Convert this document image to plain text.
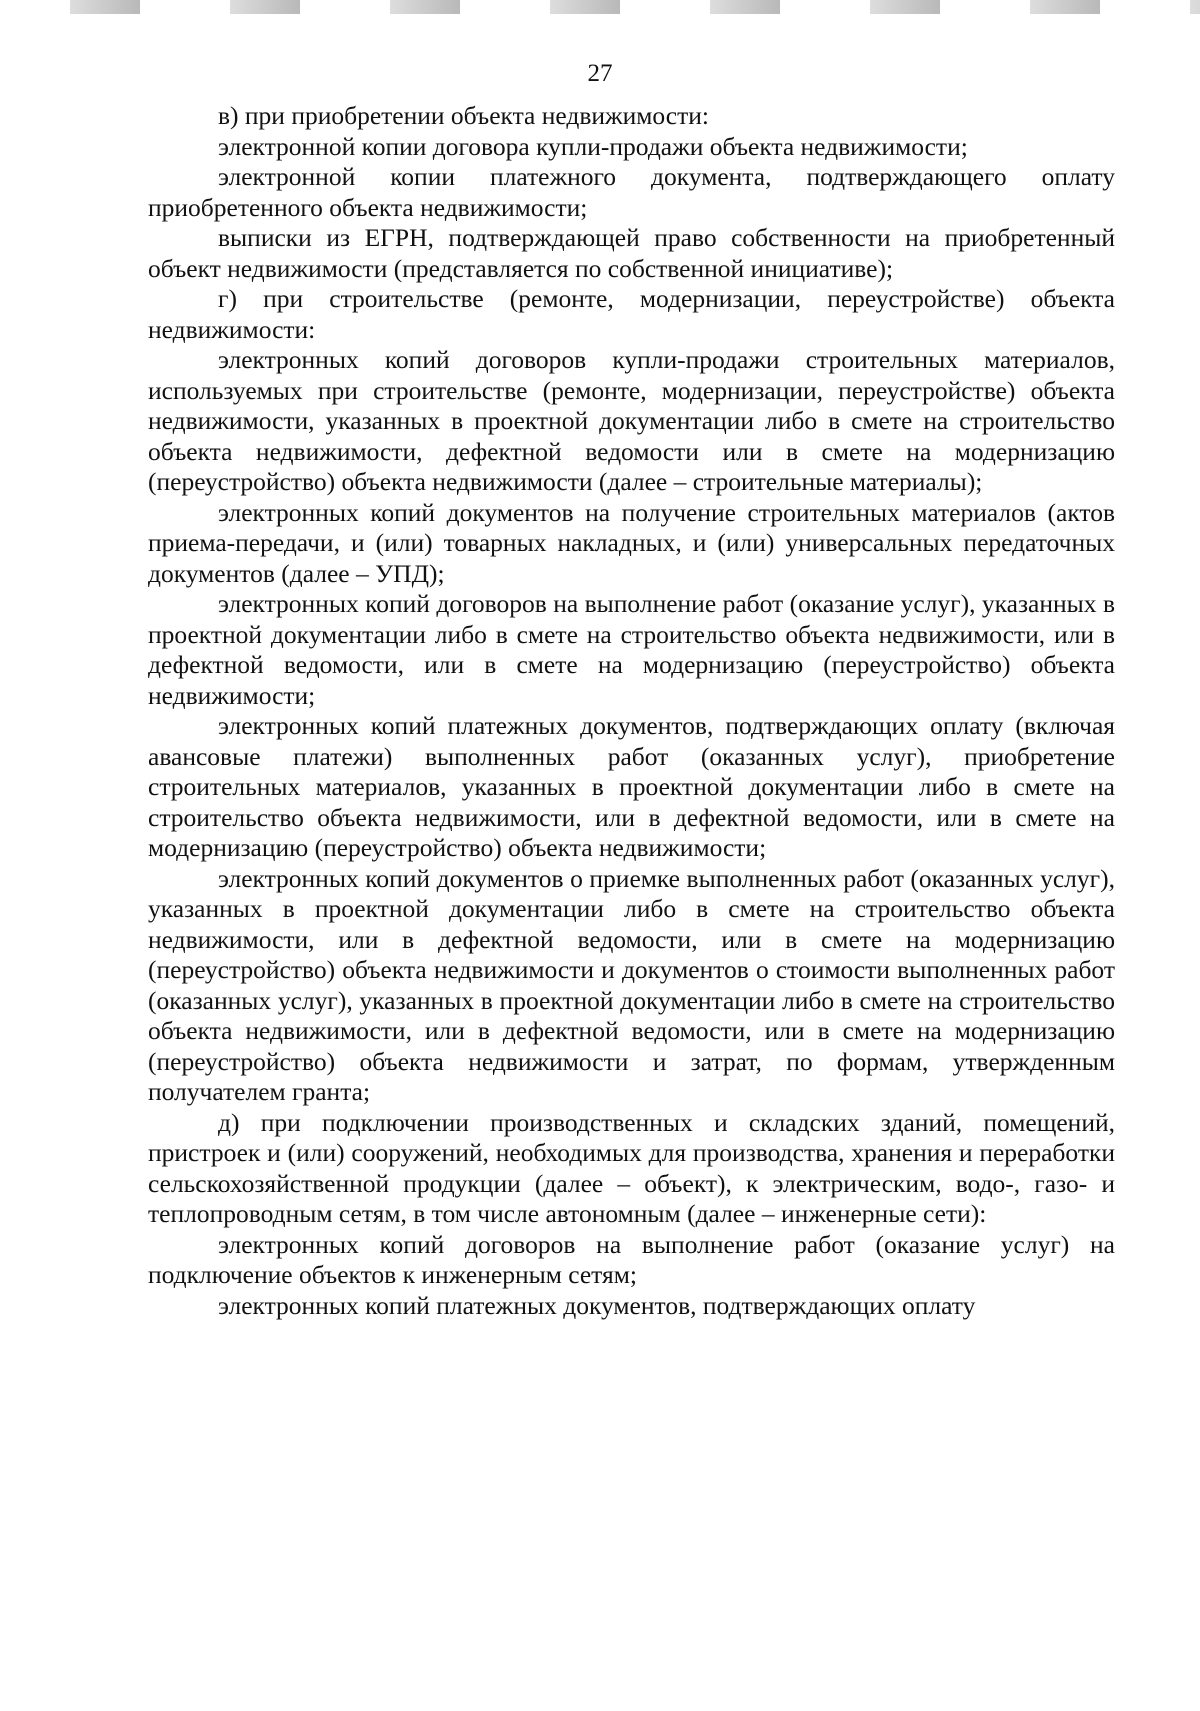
27

в) при приобретении объекта недвижимости:

электронной копии договора купли-продажи объекта недвижимости;

электронной копии платежного документа, подтверждающего оплату приобретенного объекта недвижимости;

выписки из ЕГРН, подтверждающей право собственности на приобретенный объект недвижимости (представляется по собственной инициативе);

г) при строительстве (ремонте, модернизации, переустройстве) объекта недвижимости:

электронных копий договоров купли-продажи строительных материалов, используемых при строительстве (ремонте, модернизации, переустройстве) объекта недвижимости, указанных в проектной документации либо в смете на строительство объекта недвижимости, дефектной ведомости или в смете на модернизацию (переустройство) объекта недвижимости (далее – строительные материалы);

электронных копий документов на получение строительных материалов (актов приема-передачи, и (или) товарных накладных, и (или) универсальных передаточных документов (далее – УПД);

электронных копий договоров на выполнение работ (оказание услуг), указанных в проектной документации либо в смете на строительство объекта недвижимости, или в дефектной ведомости, или в смете на модернизацию (переустройство) объекта недвижимости;

электронных копий платежных документов, подтверждающих оплату (включая авансовые платежи) выполненных работ (оказанных услуг), приобретение строительных материалов, указанных в проектной документации либо в смете на строительство объекта недвижимости, или в дефектной ведомости, или в смете на модернизацию (переустройство) объекта недвижимости;

электронных копий документов о приемке выполненных работ (оказанных услуг), указанных в проектной документации либо в смете на строительство объекта недвижимости, или в дефектной ведомости, или в смете на модернизацию (переустройство) объекта недвижимости и документов о стоимости выполненных работ (оказанных услуг), указанных в проектной документации либо в смете на строительство объекта недвижимости, или в дефектной ведомости, или в смете на модернизацию (переустройство) объекта недвижимости и затрат, по формам, утвержденным получателем гранта;

д) при подключении производственных и складских зданий, помещений, пристроек и (или) сооружений, необходимых для производства, хранения и переработки сельскохозяйственной продукции (далее – объект), к электрическим, водо-, газо- и теплопроводным сетям, в том числе автономным (далее – инженерные сети):

электронных копий договоров на выполнение работ (оказание услуг) на подключение объектов к инженерным сетям;

электронных копий платежных документов, подтверждающих оплату
